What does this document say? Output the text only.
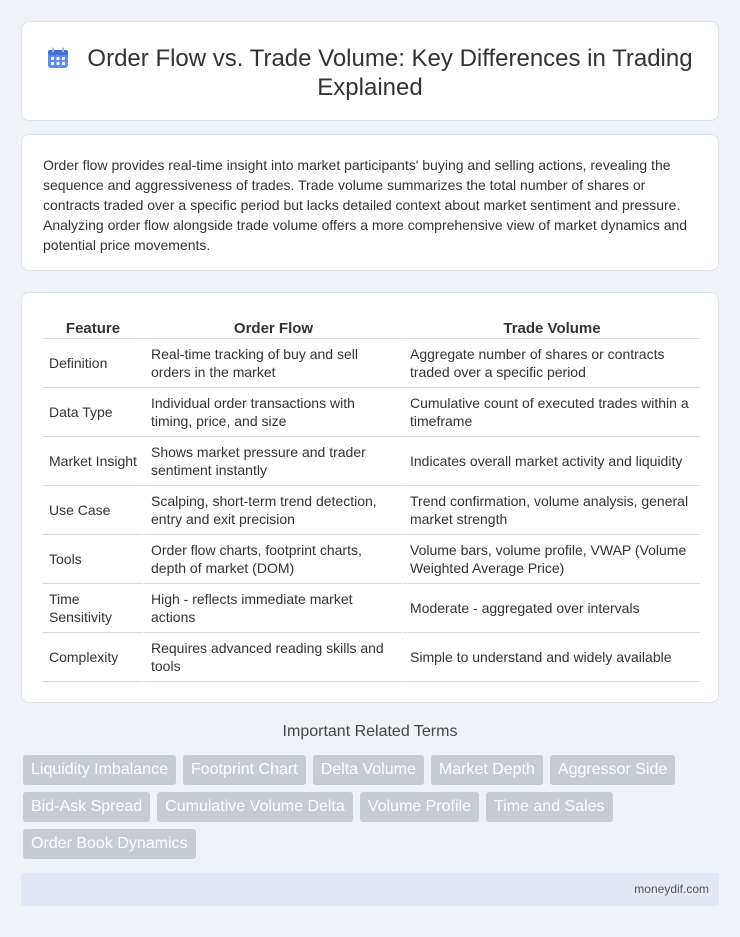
Order Flow vs. Trade Volume: Key Differences in Trading Explained

Order flow provides real-time insight into market participants' buying and selling actions, revealing the sequence and aggressiveness of trades. Trade volume summarizes the total number of shares or contracts traded over a specific period but lacks detailed context about market sentiment and pressure. Analyzing order flow alongside trade volume offers a more comprehensive view of market dynamics and potential price movements.

Feature	Order Flow	Trade Volume
Definition	Real-time tracking of buy and sell orders in the market	Aggregate number of shares or contracts traded over a specific period
Data Type	Individual order transactions with timing, price, and size	Cumulative count of executed trades within a timeframe
Market Insight	Shows market pressure and trader sentiment instantly	Indicates overall market activity and liquidity
Use Case	Scalping, short-term trend detection, entry and exit precision	Trend confirmation, volume analysis, general market strength
Tools	Order flow charts, footprint charts, depth of market (DOM)	Volume bars, volume profile, VWAP (Volume Weighted Average Price)
Time Sensitivity	High - reflects immediate market actions	Moderate - aggregated over intervals
Complexity	Requires advanced reading skills and tools	Simple to understand and widely available
Important Related Terms
Liquidity Imbalance	Footprint Chart	Delta Volume	Market Depth	Aggressor Side
Bid-Ask Spread	Cumulative Volume Delta	Volume Profile	Time and Sales
Order Book Dynamics
moneydif.com
